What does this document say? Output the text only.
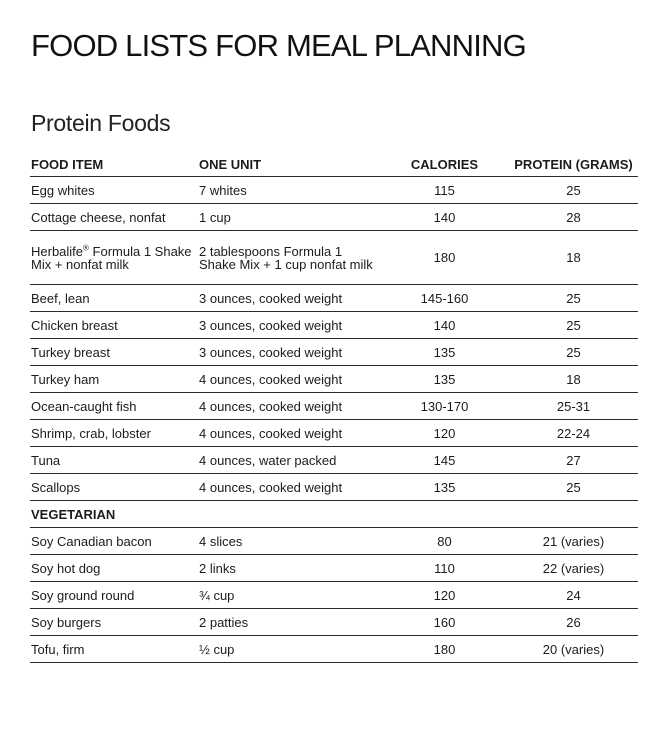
FOOD LISTS FOR MEAL PLANNING
Protein Foods
FOOD ITEM	ONE UNIT	CALORIES	PROTEIN (GRAMS)
Egg whites	7 whites	115	25
Cottage cheese, nonfat	1 cup	140	28
Herbalife® Formula 1 Shake Mix + nonfat milk	2 tablespoons Formula 1 Shake Mix + 1 cup nonfat milk	180	18
Beef, lean	3 ounces, cooked weight	145-160	25
Chicken breast	3 ounces, cooked weight	140	25
Turkey breast	3 ounces, cooked weight	135	25
Turkey ham	4 ounces, cooked weight	135	18
Ocean-caught fish	4 ounces, cooked weight	130-170	25-31
Shrimp, crab, lobster	4 ounces, cooked weight	120	22-24
Tuna	4 ounces, water packed	145	27
Scallops	4 ounces, cooked weight	135	25
VEGETARIAN			
Soy Canadian bacon	4 slices	80	21 (varies)
Soy hot dog	2 links	110	22 (varies)
Soy ground round	¾ cup	120	24
Soy burgers	2 patties	160	26
Tofu, firm	½ cup	180	20 (varies)
